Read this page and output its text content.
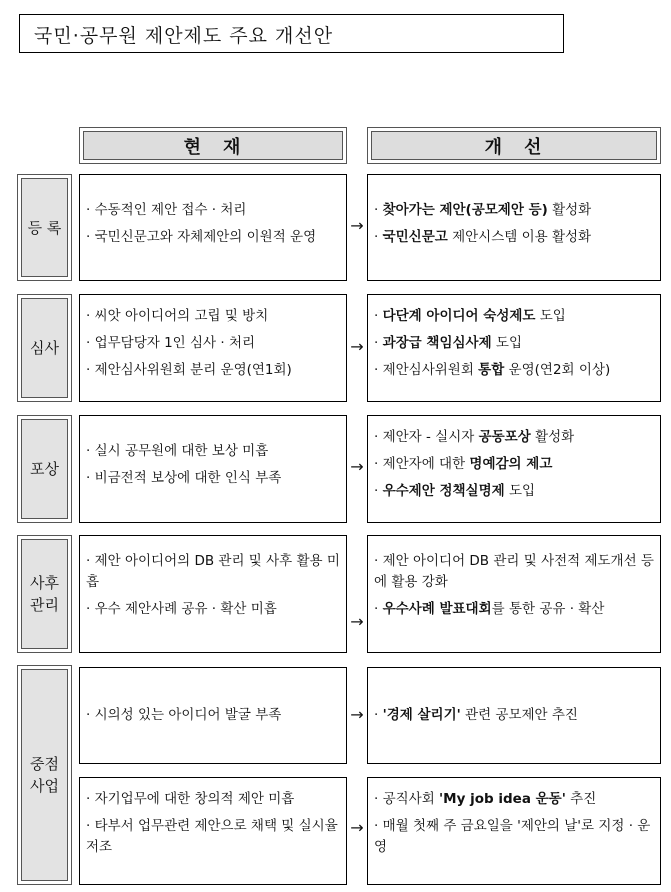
국민·공무원 제안제도 주요 개선안
현　재	개　선
등 록
심사
포상
사후
관리
중점
사업
· 수동적인 제안 접수 · 처리
· 국민신문고와 자체제안의 이원적 운영
· 씨앗 아이디어의 고립 및 방치
· 업무담당자 1인 심사 · 처리
· 제안심사위원회 분리 운영(연1회)
· 실시 공무원에 대한 보상 미흡
· 비금전적 보상에 대한 인식 부족
· 제안 아이디어의 DB 관리 및 사후 활용 미흡
· 우수 제안사례 공유 · 확산 미흡
· 시의성 있는 아이디어 발굴 부족
· 자기업무에 대한 창의적 제안 미흡
· 타부서 업무관련 제안으로 채택 및 실시율 저조
· 찾아가는 제안(공모제안 등) 활성화
· 국민신문고 제안시스템 이용 활성화
· 다단계 아이디어 숙성제도 도입
· 과장급 책임심사제 도입
· 제안심사위원회 통합 운영(연2회 이상)
· 제안자 - 실시자 공동포상 활성화
· 제안자에 대한 명예감의 제고
· 우수제안 정책실명제 도입
· 제안 아이디어 DB 관리 및 사전적 제도개선 등에 활용 강화
· 우수사례 발표대회를 통한 공유 · 확산
· '경제 살리기' 관련 공모제안 추진
· 공직사회 'My job idea 운동' 추진
· 매월 첫째 주 금요일을 '제안의 날'로 지정 · 운영
→
→
→
→
→
→
